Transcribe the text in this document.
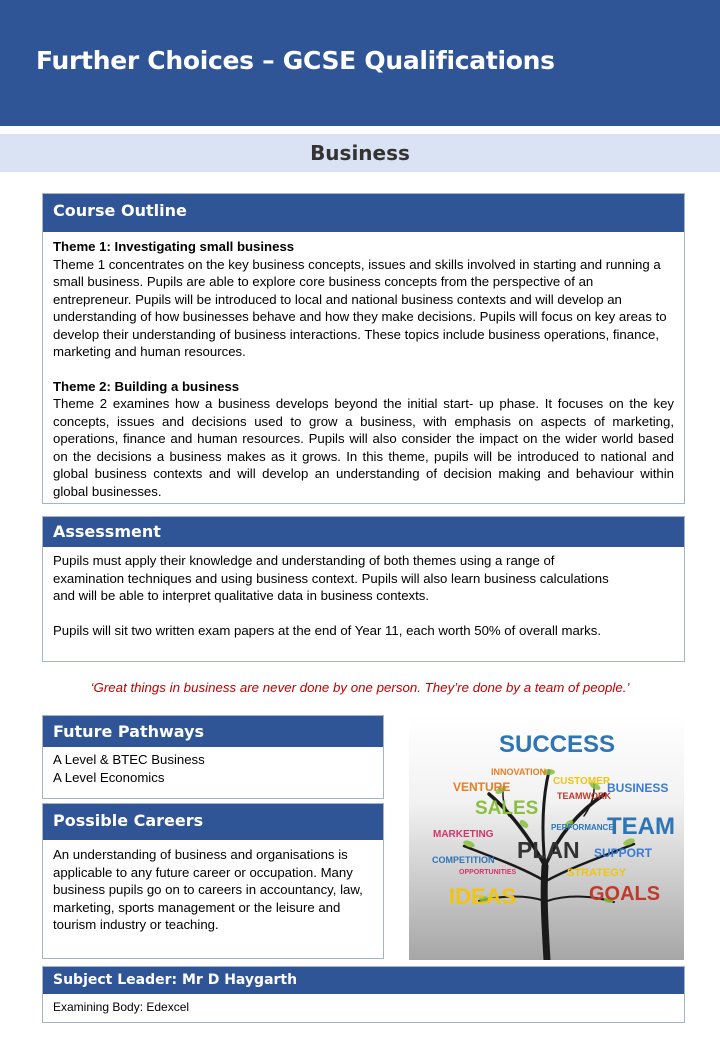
Further Choices – GCSE Qualifications
Business
Course Outline

Theme 1: Investigating small business

Theme 1 concentrates on the key business concepts, issues and skills involved in starting and running a small business. Pupils are able to explore core business concepts from the perspective of an entrepreneur. Pupils will be introduced to local and national business contexts and will develop an understanding of how businesses behave and how they make decisions. Pupils will focus on key areas to develop their understanding of business interactions. These topics include business operations, finance, marketing and human resources.

Theme 2: Building a business

Theme 2 examines how a business develops beyond the initial start- up phase. It focuses on the key concepts, issues and decisions used to grow a business, with emphasis on aspects of marketing, operations, finance and human resources. Pupils will also consider the impact on the wider world based on the decisions a business makes as it grows. In this theme, pupils will be introduced to national and global business contexts and will develop an understanding of decision making and behaviour within global businesses.

Assessment

Pupils must apply their knowledge and understanding of both themes using a range of examination techniques and using business context. Pupils will also learn business calculations and will be able to interpret qualitative data in business contexts.

Pupils will sit two written exam papers at the end of Year 11, each worth 50% of overall marks.

‘Great things in business are never done by one person. They’re done by a team of people.’
Future Pathways

A Level & BTEC Business

A Level Economics

Possible Careers

An understanding of business and organisations is applicable to any future career or occupation. Many business pupils go on to careers in accountancy, law, marketing, sports management or the leisure and tourism industry or teaching.

SUCCESS
INNOVATION
CUSTOMER
VENTURE
TEAMWORK
BUSINESS
SALES
PERFORMANCE
TEAM
MARKETING
PLAN SUPPORT
COMPETITION
OPPORTUNITIES	STRATEGY
IDEAS	GOALS
Subject Leader: Mr D Haygarth
Examining Body: Edexcel
